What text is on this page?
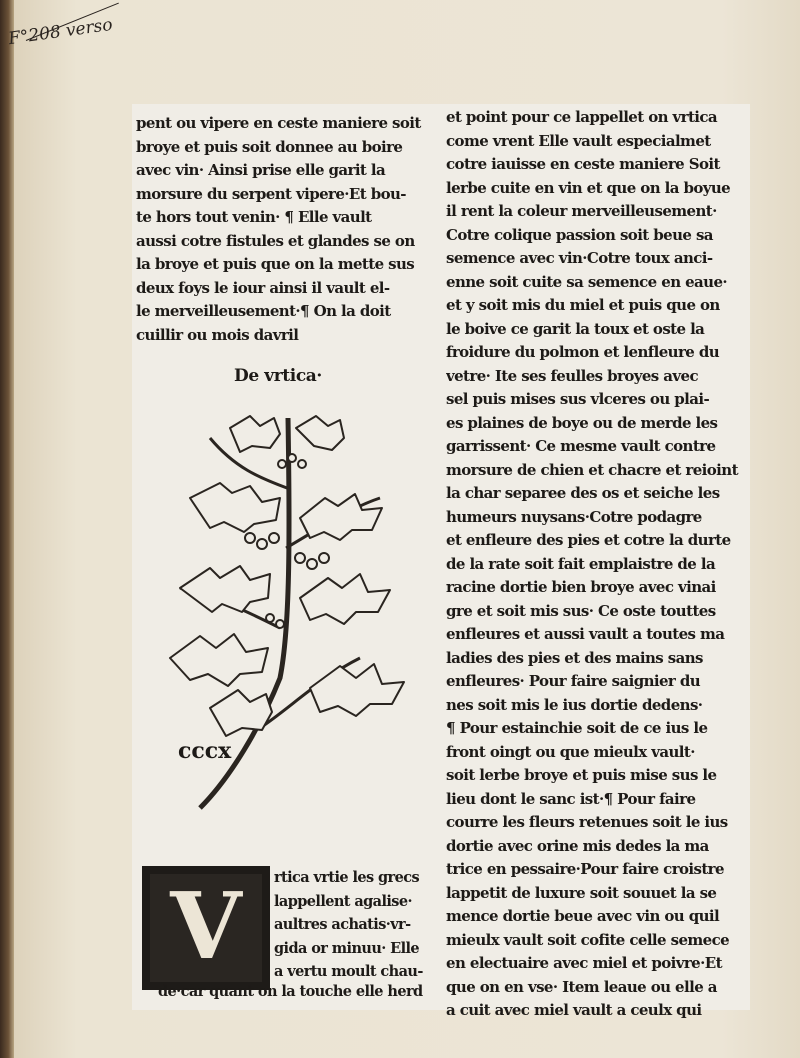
F°208 verso
pent ou vipere en ceste maniere soit
broye et puis soit donnee au boire
avec vin· Ainsi prise elle garit la
morsure du serpent vipere·Et bou-
te hors tout venin· ¶ Elle vault
aussi cotre fistules et glandes se on
la broye et puis que on la mette sus
deux foys le iour ainsi il vault el-
le merveilleusement·¶ On la doit
cuillir ou mois davril
De vrtica·
cccx
V	rtica vrtie les grecs
lappellent agalise·
aultres achatis·vr-
gida or minuu· Elle
a vertu moult chau-
de·car quant on la touche elle herd
et point pour ce lappellet on vrtica
come vrent Elle vault especialmet
cotre iauisse en ceste maniere Soit
lerbe cuite en vin et que on la boyue
il rent la coleur merveilleusement·
Cotre colique passion soit beue sa
semence avec vin·Cotre toux anci-
enne soit cuite sa semence en eaue·
et y soit mis du miel et puis que on
le boive ce garit la toux et oste la
froidure du polmon et lenfleure du
vetre· Ite ses feulles broyes avec
sel puis mises sus vlceres ou plai-
es plaines de boye ou de merde les
garrissent· Ce mesme vault contre
morsure de chien et chacre et reioint
la char separee des os et seiche les
humeurs nuysans·Cotre podagre
et enfleure des pies et cotre la durte
de la rate soit fait emplaistre de la
racine dortie bien broye avec vinai
gre et soit mis sus· Ce oste touttes
enfleures et aussi vault a toutes ma
ladies des pies et des mains sans
enfleures· Pour faire saignier du
nes soit mis le ius dortie dedens·
¶ Pour estainchie soit de ce ius le
front oingt ou que mieulx vault·
soit lerbe broye et puis mise sus le
lieu dont le sanc ist·¶ Pour faire
courre les fleurs retenues soit le ius
dortie avec orine mis dedes la ma
trice en pessaire·Pour faire croistre
lappetit de luxure soit souuet la se
mence dortie beue avec vin ou quil
mieulx vault soit cofite celle semece
en electuaire avec miel et poivre·Et
que on en vse· Item leaue ou elle a
a cuit avec miel vault a ceulx qui
